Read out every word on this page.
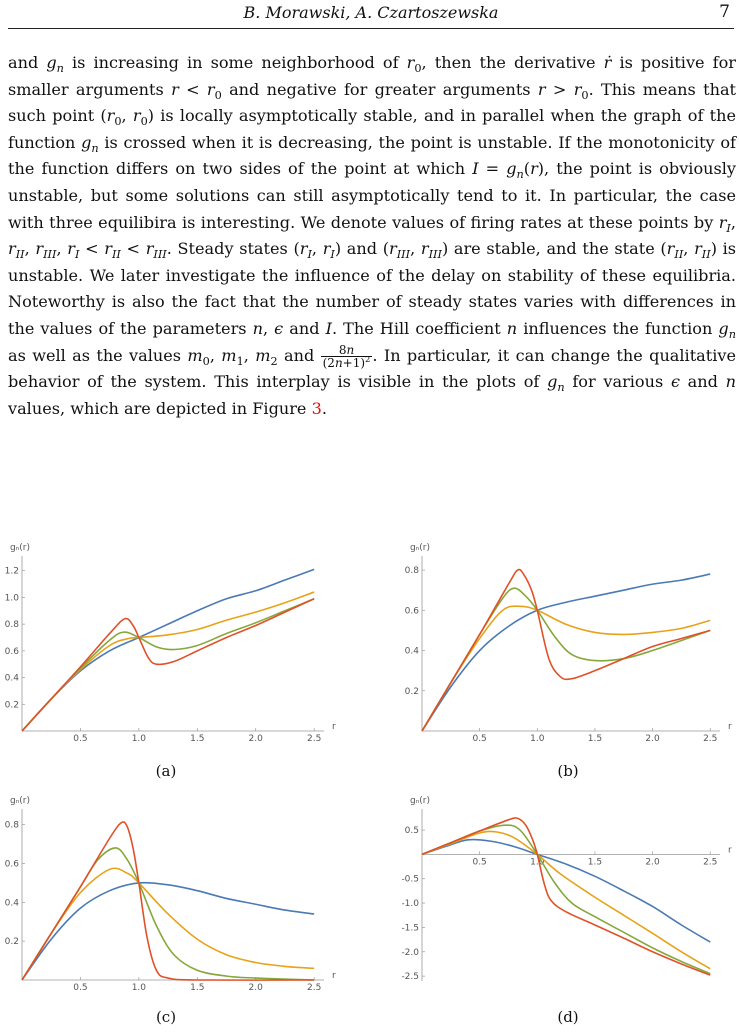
B. Morawski, A. Czartoszewska	7
and $g_n$ is increasing in some neighborhood of $r_0$, then the derivative ṙ is positive for smaller arguments $r < r_0$ and negative for greater arguments $r > r_0$. This means that such point ($r_0$, $r_0$) is locally asymptotically stable, and in parallel when the graph of the function $g_n$ is crossed when it is decreasing, the point is unstable. If the monotonicity of the function differs on two sides of the point at which $I = g_n(r)$, the point is obviously unstable, but some solutions can still asymptotically tend to it. In particular, the case with three equilibira is interesting. We denote values of firing rates at these points by $r_I$, $r_{II}$, $r_{III}$, $r_I < r_{II} < r_{III}$. Steady states ($r_I$, $r_I$) and ($r_{III}$, $r_{III}$) are stable, and the state ($r_{II}$, $r_{II}$) is unstable. We later investigate the influence of the delay on stability of these equilibria. Noteworthy is also the fact that the number of steady states varies with differences in the values of the parameters n, ϵ and I. The Hill coefficient n influences the function $g_n$ as well as the values $m_0$, $m_1$, $m_2$ and $\frac{8n}{(2n+1)^2}$ . In particular, it can change the qualitative behavior of the system. This interplay is visible in the plots of $g_n$ for various ϵ and n values, which are depicted in Figure 3.
0.5	1.0	1.5	2.0	2.5
0.2
0.4
0.6
0.8
1.0
1.2
r
gₙ(r)
(a)
0.5	1.0	1.5	2.0	2.5
0.2
0.4
0.6
0.8
r
gₙ(r)
(b)
0.5	1.0	1.5	2.0	2.5
0.2
0.4
0.6
0.8
r
gₙ(r)
(c)
0.5	1.0	1.5	2.0	2.5
0.5
-0.5
-1.0
-1.5
-2.0
-2.5
r
gₙ(r)
(d)
